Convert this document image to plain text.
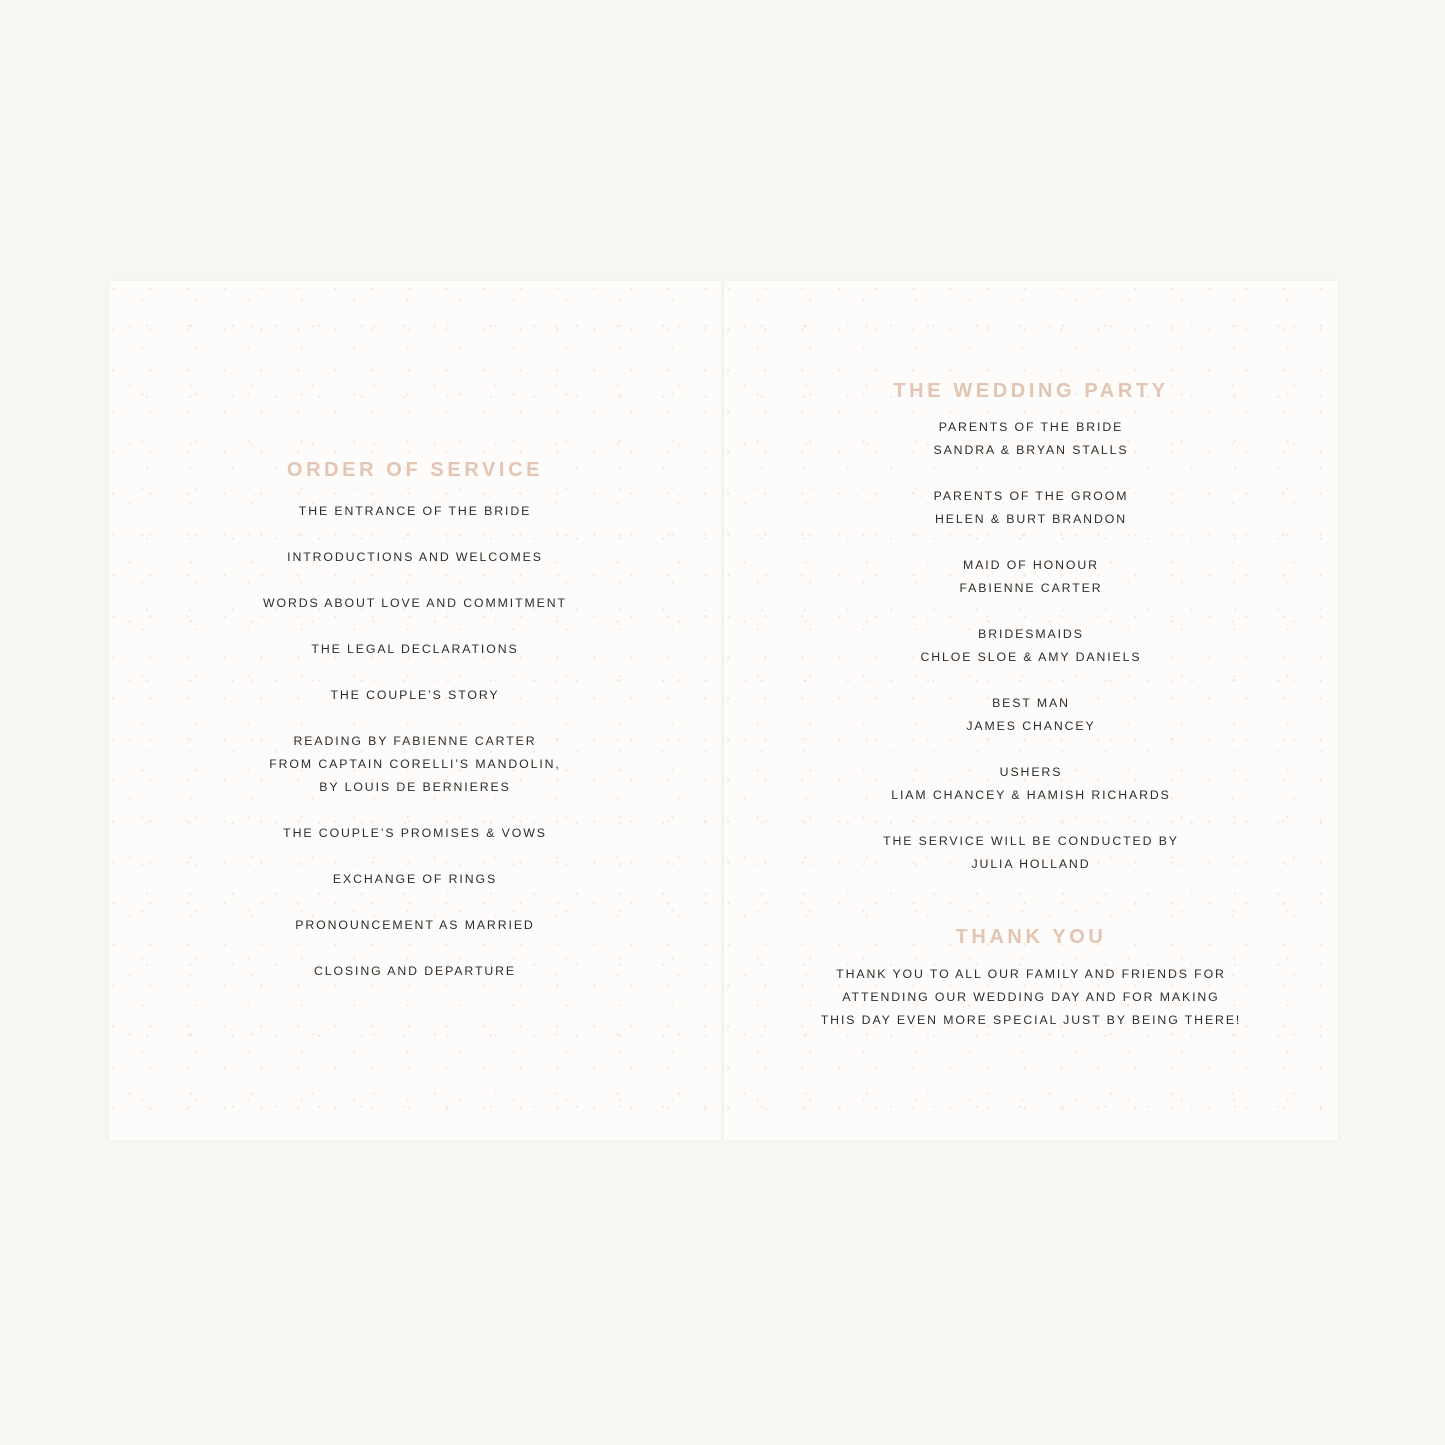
ORDER OF SERVICE
THE ENTRANCE OF THE BRIDE
INTRODUCTIONS AND WELCOMES
WORDS ABOUT LOVE AND COMMITMENT
THE LEGAL DECLARATIONS
THE COUPLE’S STORY
READING BY FABIENNE CARTER
FROM CAPTAIN CORELLI’S MANDOLIN,
BY LOUIS DE BERNIERES
THE COUPLE’S PROMISES & VOWS
EXCHANGE OF RINGS
PRONOUNCEMENT AS MARRIED
CLOSING AND DEPARTURE
THE WEDDING PARTY
PARENTS OF THE BRIDE
SANDRA & BRYAN STALLS
PARENTS OF THE GROOM
HELEN & BURT BRANDON
MAID OF HONOUR
FABIENNE CARTER
BRIDESMAIDS
CHLOE SLOE & AMY DANIELS
BEST MAN
JAMES CHANCEY
USHERS
LIAM CHANCEY & HAMISH RICHARDS
THE SERVICE WILL BE CONDUCTED BY
JULIA HOLLAND
THANK YOU
THANK YOU TO ALL OUR FAMILY AND FRIENDS FOR
ATTENDING OUR WEDDING DAY AND FOR MAKING
THIS DAY EVEN MORE SPECIAL JUST BY BEING THERE!
